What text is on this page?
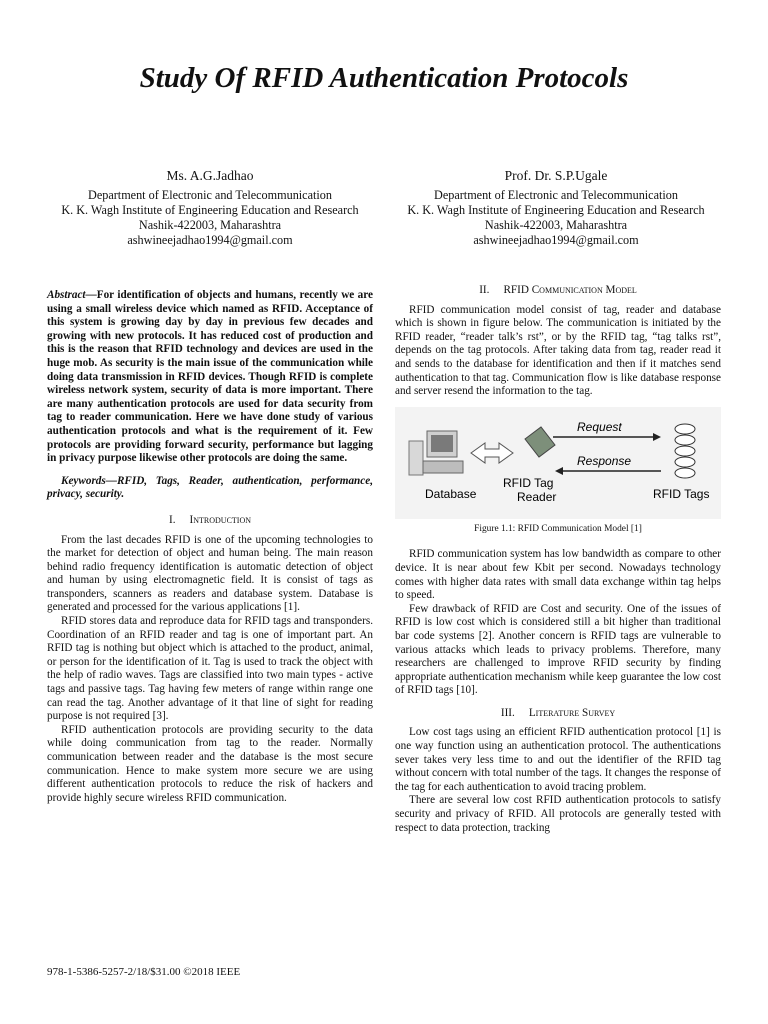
Study Of RFID Authentication Protocols
Ms. A.G.Jadhao
Department of Electronic and Telecommunication
K. K. Wagh Institute of Engineering Education and Research
Nashik-422003, Maharashtra
ashwineejadhao1994@gmail.com
Prof. Dr. S.P.Ugale
Department of Electronic and Telecommunication
K. K. Wagh Institute of Engineering Education and Research
Nashik-422003, Maharashtra
ashwineejadhao1994@gmail.com

Abstract—For identification of objects and humans, recently we are using a small wireless device which named as RFID. Acceptance of this system is growing day by day in previous few decades and growing with new protocols. It has reduced cost of production and this is the reason that RFID technology and devices are used in the huge mob. As security is the main issue of the communication while doing data transmission in RFID devices. Though RFID is complete wireless network system, security of data is more important. There are many authentication protocols are used for data security from tag to reader communication. Here we have done study of various authentication protocols and what is the requirement of it. Few protocols are providing forward security, performance but lagging in privacy purpose likewise other protocols are doing the same.

Keywords—RFID, Tags, Reader, authentication, performance, privacy, security.

I. Introduction

From the last decades RFID is one of the upcoming technologies to the market for detection of object and human being. The main reason behind radio frequency identification is automatic detection of object and human by using electromagnetic field. It is consist of tags as transponders, scanners as readers and database system. Database is generated and processed for the various applications [1].

RFID stores data and reproduce data for RFID tags and transponders. Coordination of an RFID reader and tag is one of important part. An RFID tag is nothing but object which is attached to the product, animal, or person for the identification of it. Tag is used to track the object with the help of radio waves. Tags are classified into two main types - active tags and passive tags. Tag having few meters of range within range one can read the tag. Another advantage of it that line of sight for reading purpose is not required [3].

RFID authentication protocols are providing security to the data while doing communication from tag to the reader. Normally communication between reader and the database is the most secure communication. Hence to make system more secure we are using different authentication protocols to reduce the risk of hackers and provide highly secure wireless RFID communication.

II. RFID Communication Model

RFID communication model consist of tag, reader and database which is shown in figure below. The communication is initiated by the RFID reader, “reader talk’s rst”, or by the RFID tag, “tag talks rst”, depends on the tag protocols. After taking data from tag, reader read it and sends to the database for identification and then if it matches send authentication to that tag. Communication flow is like database response and server resend the information to the tag.

Request
Response
Database
RFID Tag Reader	RFID Tags
Figure 1.1: RFID Communication Model [1]

RFID communication system has low bandwidth as compare to other device. It is near about few Kbit per second. Nowadays technology comes with higher data rates with small data exchange within tag helps to speed.

Few drawback of RFID are Cost and security. One of the issues of RFID is low cost which is considered still a bit higher than traditional bar code systems [2]. Another concern is RFID tags are vulnerable to various attacks which leads to privacy problems. Therefore, many researchers are challenged to improve RFID security by finding appropriate authentication mechanism while keep guarantee the low cost of RFID tags [10].

III. Literature Survey

Low cost tags using an efficient RFID authentication protocol [1] is one way function using an authentication protocol. The authentications sever takes very less time to and out the identifier of the RFID tag without concern with total number of the tags. It changes the response of the tag for each authentication to avoid tracing problem.

There are several low cost RFID authentication protocols to satisfy security and privacy of RFID. All protocols are generally tested with respect to data protection, tracking

978-1-5386-5257-2/18/$31.00 ©2018 IEEE
